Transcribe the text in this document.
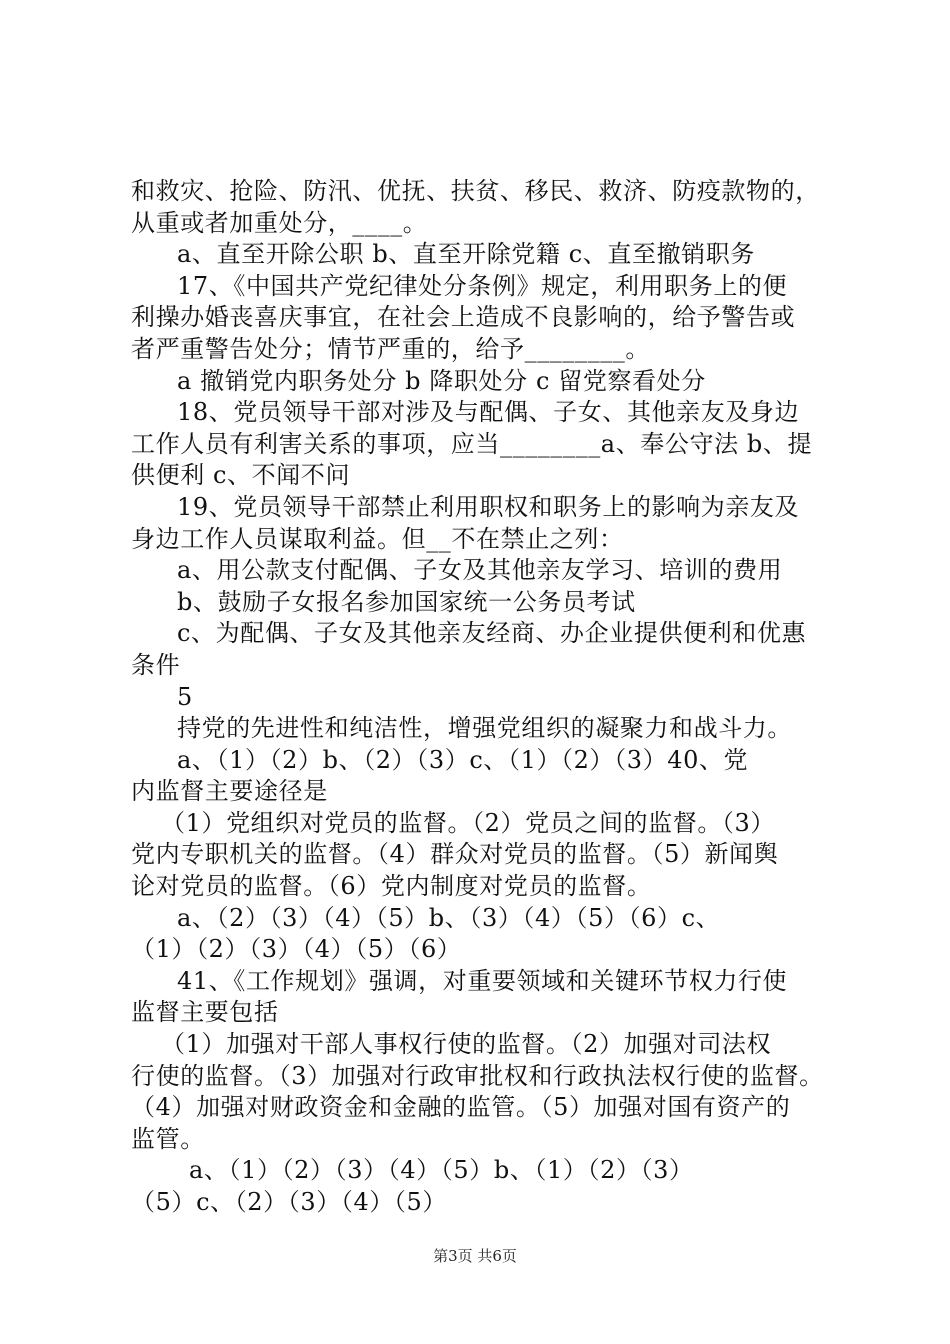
和救灾、抢险、防汛、优抚、扶贫、移民、救济、防疫款物的，
从重或者加重处分，____。
a、直至开除公职 b、直至开除党籍 c、直至撤销职务
17、《中国共产党纪律处分条例》规定，利用职务上的便
利操办婚丧喜庆事宜，在社会上造成不良影响的，给予警告或
者严重警告处分；情节严重的，给予________。
a 撤销党内职务处分 b 降职处分 c 留党察看处分
18、党员领导干部对涉及与配偶、子女、其他亲友及身边
工作人员有利害关系的事项，应当________a、奉公守法 b、提
供便利 c、不闻不问
19、党员领导干部禁止利用职权和职务上的影响为亲友及
身边工作人员谋取利益。但__不在禁止之列：
a、用公款支付配偶、子女及其他亲友学习、培训的费用
b、鼓励子女报名参加国家统一公务员考试
c、为配偶、子女及其他亲友经商、办企业提供便利和优惠
条件
5
持党的先进性和纯洁性，增强党组织的凝聚力和战斗力。
a、（1）（2）b、（2）（3）c、（1）（2）（3）40、党
内监督主要途径是
（1）党组织对党员的监督。（2）党员之间的监督。（3）
党内专职机关的监督。（4）群众对党员的监督。（5）新闻舆
论对党员的监督。（6）党内制度对党员的监督。
a、（2）（3）（4）（5）b、（3）（4）（5）（6）c、
（1）（2）（3）（4）（5）（6）
41、《工作规划》强调，对重要领域和关键环节权力行使
监督主要包括
（1）加强对干部人事权行使的监督。（2）加强对司法权
行使的监督。（3）加强对行政审批权和行政执法权行使的监督。
（4）加强对财政资金和金融的监管。（5）加强对国有资产的
监管。
a、（1）（2）（3）（4）（5）b、（1）（2）（3）
（5）c、（2）（3）（4）（5）
第3页 共6页
